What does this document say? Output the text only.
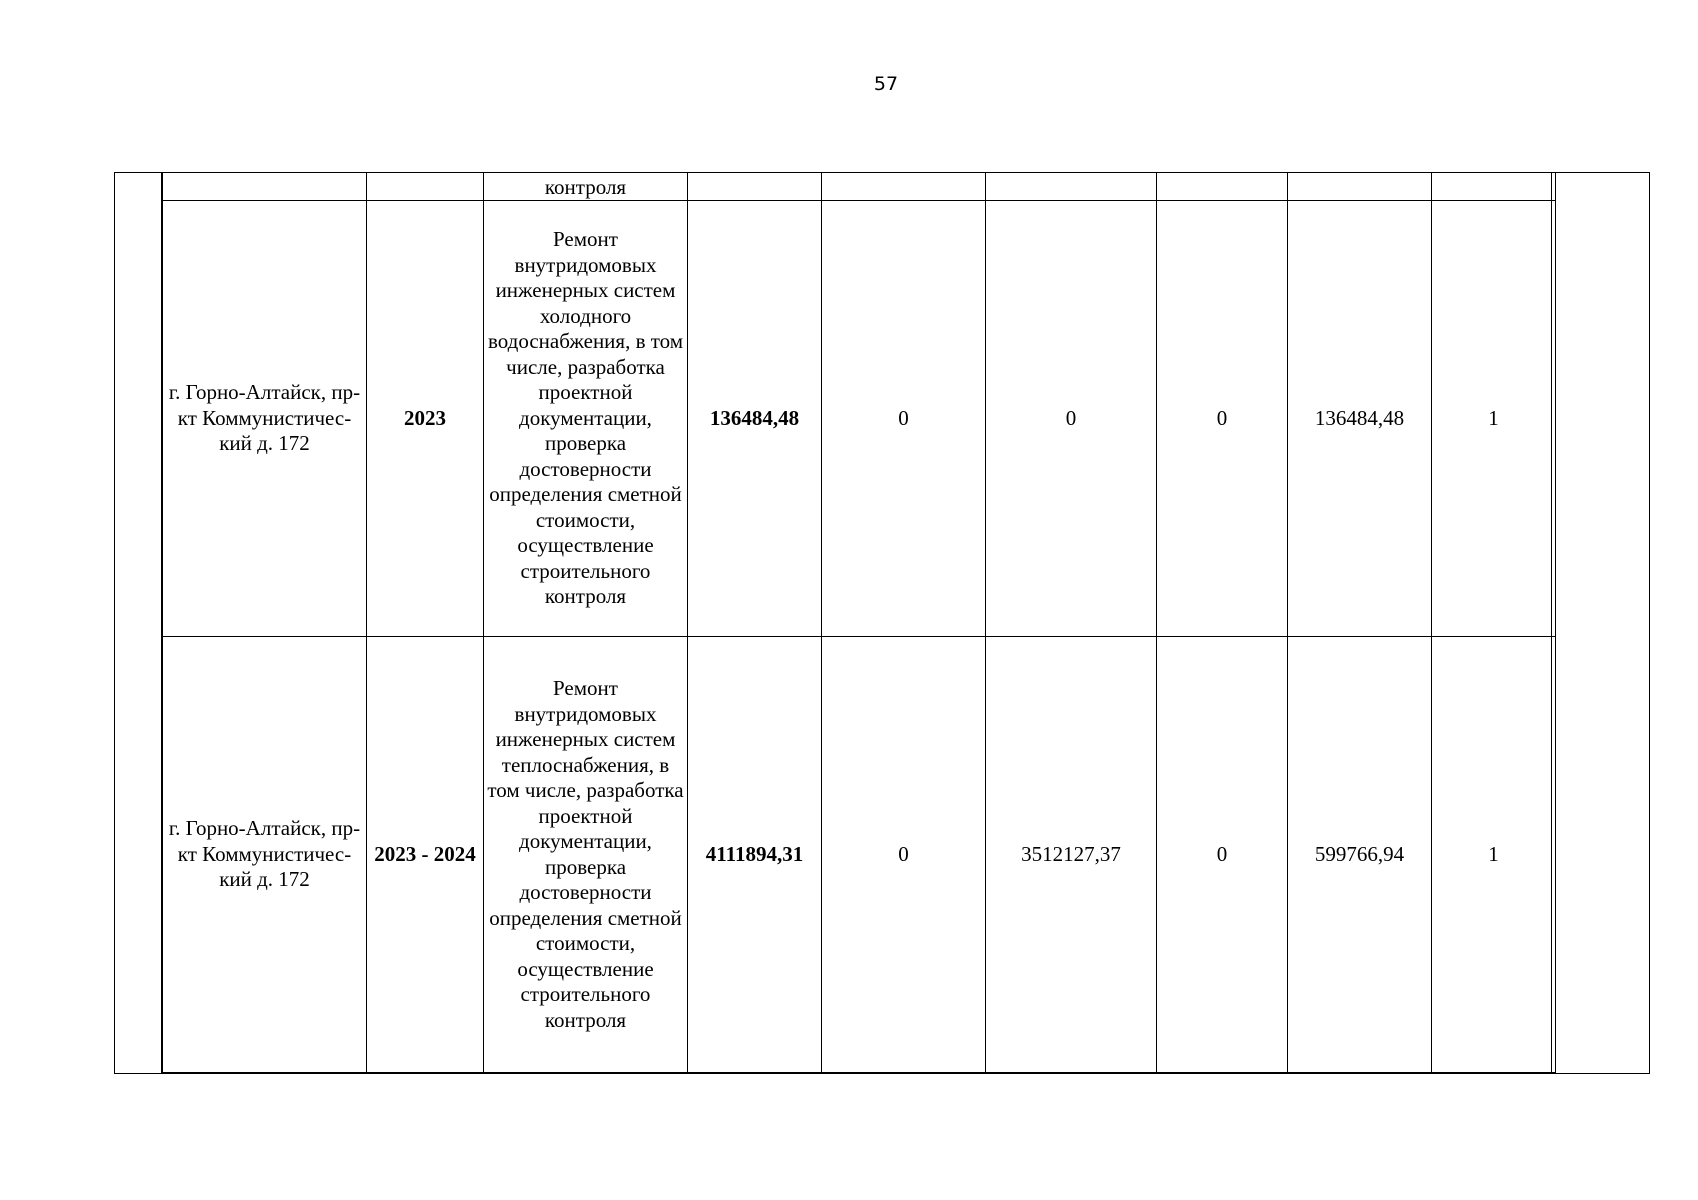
57
		контроля						
г. Горно-Алтайск, пр-кт Коммунистичес-кий д. 172	2023	Ремонт внутридомовых инженерных систем холодного водоснабжения, в том числе, разработка проектной документации, проверка достоверности определения сметной стоимости, осуществление строительного контроля	136484,48	0	0	0	136484,48	1
г. Горно-Алтайск, пр-кт Коммунистичес-кий д. 172	2023 - 2024	Ремонт внутридомовых инженерных систем теплоснабжения, в том числе, разработка проектной документации, проверка достоверности определения сметной стоимости, осуществление строительного контроля	4111894,31	0	3512127,37	0	599766,94	1
